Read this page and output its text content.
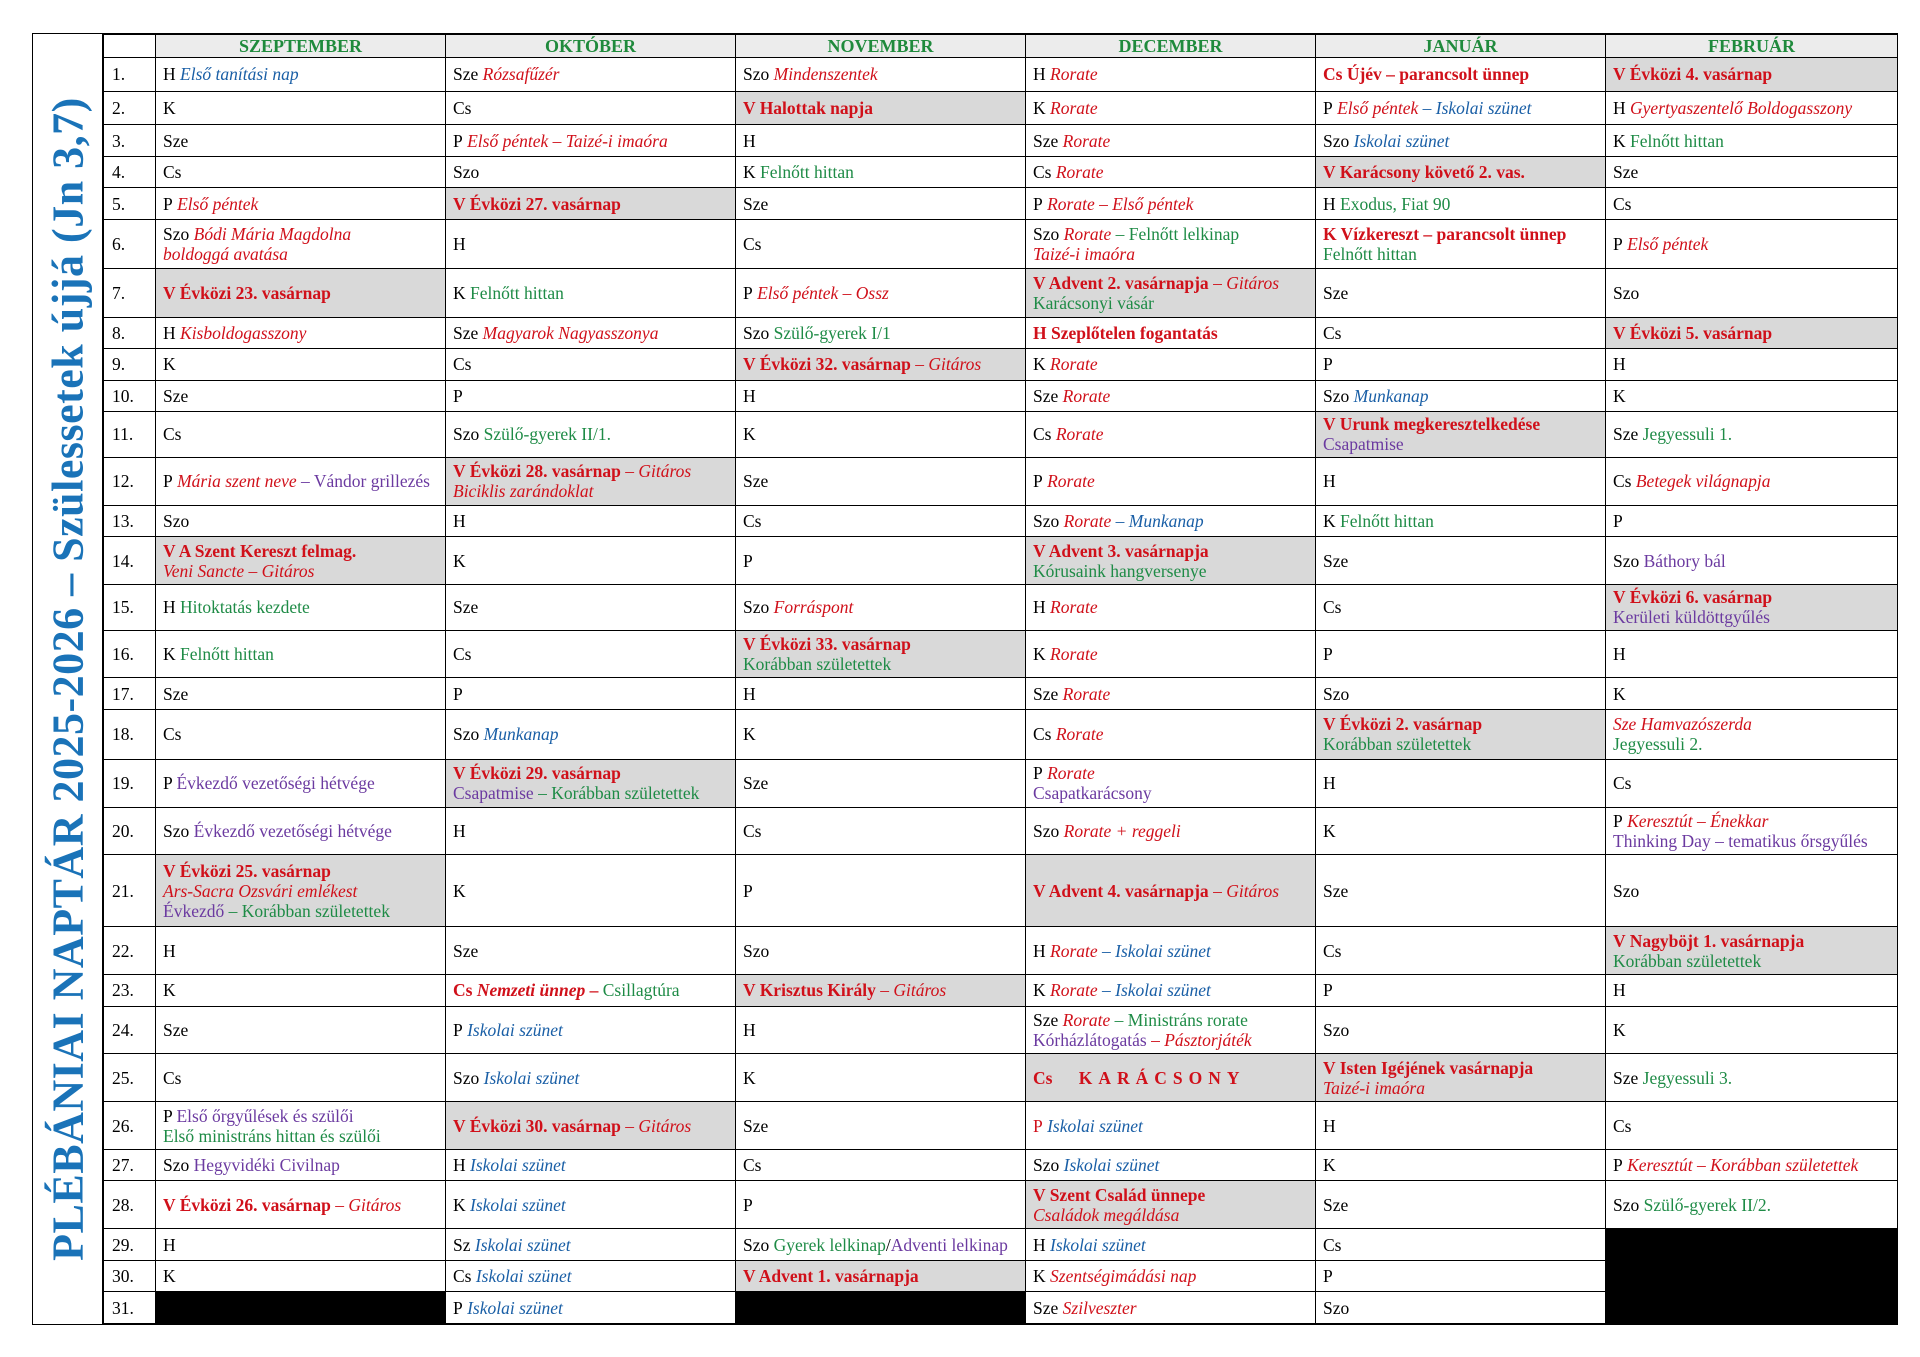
PLÉBÁNIAI NAPTÁR 2025-2026 – Szülessetek újjá (Jn 3,7)
	SZEPTEMBER	OKTÓBER	NOVEMBER	DECEMBER	JANUÁR	FEBRUÁR
1.	H Első tanítási nap	Sze Rózsafűzér	Szo Mindenszentek	H Rorate	Cs Újév – parancsolt ünnep	V Évközi 4. vasárnap

2.	K	Cs	V Halottak napja	K Rorate	P Első péntek – Iskolai szünet	H Gyertyaszentelő Boldogasszony

3.	Sze	P Első péntek – Taizé-i imaóra	H	Sze Rorate	Szo Iskolai szünet	K Felnőtt hittan

4.	Cs	Szo	K Felnőtt hittan	Cs Rorate	V Karácsony követő 2. vas.	Sze

5.	P Első péntek	V Évközi 27. vasárnap	Sze	P Rorate – Első péntek	H Exodus, Fiat 90	Cs

6.	Szo Bódi Mária Magdolna
boldoggá avatása	H	Cs	Szo Rorate – Felnőtt lelkinap
Taizé-i imaóra	K Vízkereszt – parancsolt ünnep
Felnőtt hittan	P Első péntek

7.	V Évközi 23. vasárnap	K Felnőtt hittan	P Első péntek – Ossz	V Advent 2. vasárnapja – Gitáros
Karácsonyi vásár	Sze	Szo

8.	H Kisboldogasszony	Sze Magyarok Nagyasszonya	Szo Szülő-gyerek I/1	H Szeplőtelen fogantatás	Cs	V Évközi 5. vasárnap

9.	K	Cs	V Évközi 32. vasárnap – Gitáros	K Rorate	P	H

10.	Sze	P	H	Sze Rorate	Szo Munkanap	K

11.	Cs	Szo Szülő-gyerek II/1.	K	Cs Rorate	V Urunk megkeresztelkedése
Csapatmise	Sze Jegyessuli 1.

12.	P Mária szent neve – Vándor grillezés	V Évközi 28. vasárnap – Gitáros
Biciklis zarándoklat	Sze	P Rorate	H	Cs Betegek világnapja

13.	Szo	H	Cs	Szo Rorate – Munkanap	K Felnőtt hittan	P

14.	V A Szent Kereszt felmag.
Veni Sancte – Gitáros	K	P	V Advent 3. vasárnapja
Kórusaink hangversenye	Sze	Szo Báthory bál

15.	H Hitoktatás kezdete	Sze	Szo Forráspont	H Rorate	Cs	V Évközi 6. vasárnap
Kerületi küldöttgyűlés

16.	K Felnőtt hittan	Cs	V Évközi 33. vasárnap
Korábban születettek	K Rorate	P	H

17.	Sze	P	H	Sze Rorate	Szo	K

18.	Cs	Szo Munkanap	K	Cs Rorate	V Évközi 2. vasárnap
Korábban születettek	Sze Hamvazószerda
Jegyessuli 2.

19.	P Évkezdő vezetőségi hétvége	V Évközi 29. vasárnap
Csapatmise – Korábban születettek	Sze	P Rorate
Csapatkarácsony	H	Cs

20.	Szo Évkezdő vezetőségi hétvége	H	Cs	Szo Rorate + reggeli	K	P Keresztút – Énekkar
Thinking Day – tematikus őrsgyűlés

21.	V Évközi 25. vasárnap
Ars-Sacra Ozsvári emlékest
Évkezdő – Korábban születettek	K	P	V Advent 4. vasárnapja – Gitáros	Sze	Szo

22.	H	Sze	Szo	H Rorate – Iskolai szünet	Cs	V Nagyböjt 1. vasárnapja
Korábban születettek

23.	K	Cs Nemzeti ünnep – Csillagtúra	V Krisztus Király – Gitáros	K Rorate – Iskolai szünet	P	H

24.	Sze	P Iskolai szünet	H	Sze Rorate – Ministráns rorate
Kórházlátogatás – Pásztorjáték	Szo	K

25.	Cs	Szo Iskolai szünet	K	Cs      KARÁCSONY	V Isten Igéjének vasárnapja
Taizé-i imaóra	Sze Jegyessuli 3.

26.	P Első őrgyűlések és szülői
Első ministráns hittan és szülői	V Évközi 30. vasárnap – Gitáros	Sze	P Iskolai szünet	H	Cs

27.	Szo Hegyvidéki Civilnap	H Iskolai szünet	Cs	Szo Iskolai szünet	K	P Keresztút – Korábban születettek

28.	V Évközi 26. vasárnap – Gitáros	K Iskolai szünet	P	V Szent Család ünnepe
Családok megáldása	Sze	Szo Szülő-gyerek II/2.

29.	H	Sz Iskolai szünet	Szo Gyerek lelkinap/Adventi lelkinap	H Iskolai szünet	Cs	

30.	K	Cs Iskolai szünet	V Advent 1. vasárnapja	K Szentségimádási nap	P	

31.		P Iskolai szünet		Sze Szilveszter	Szo	
